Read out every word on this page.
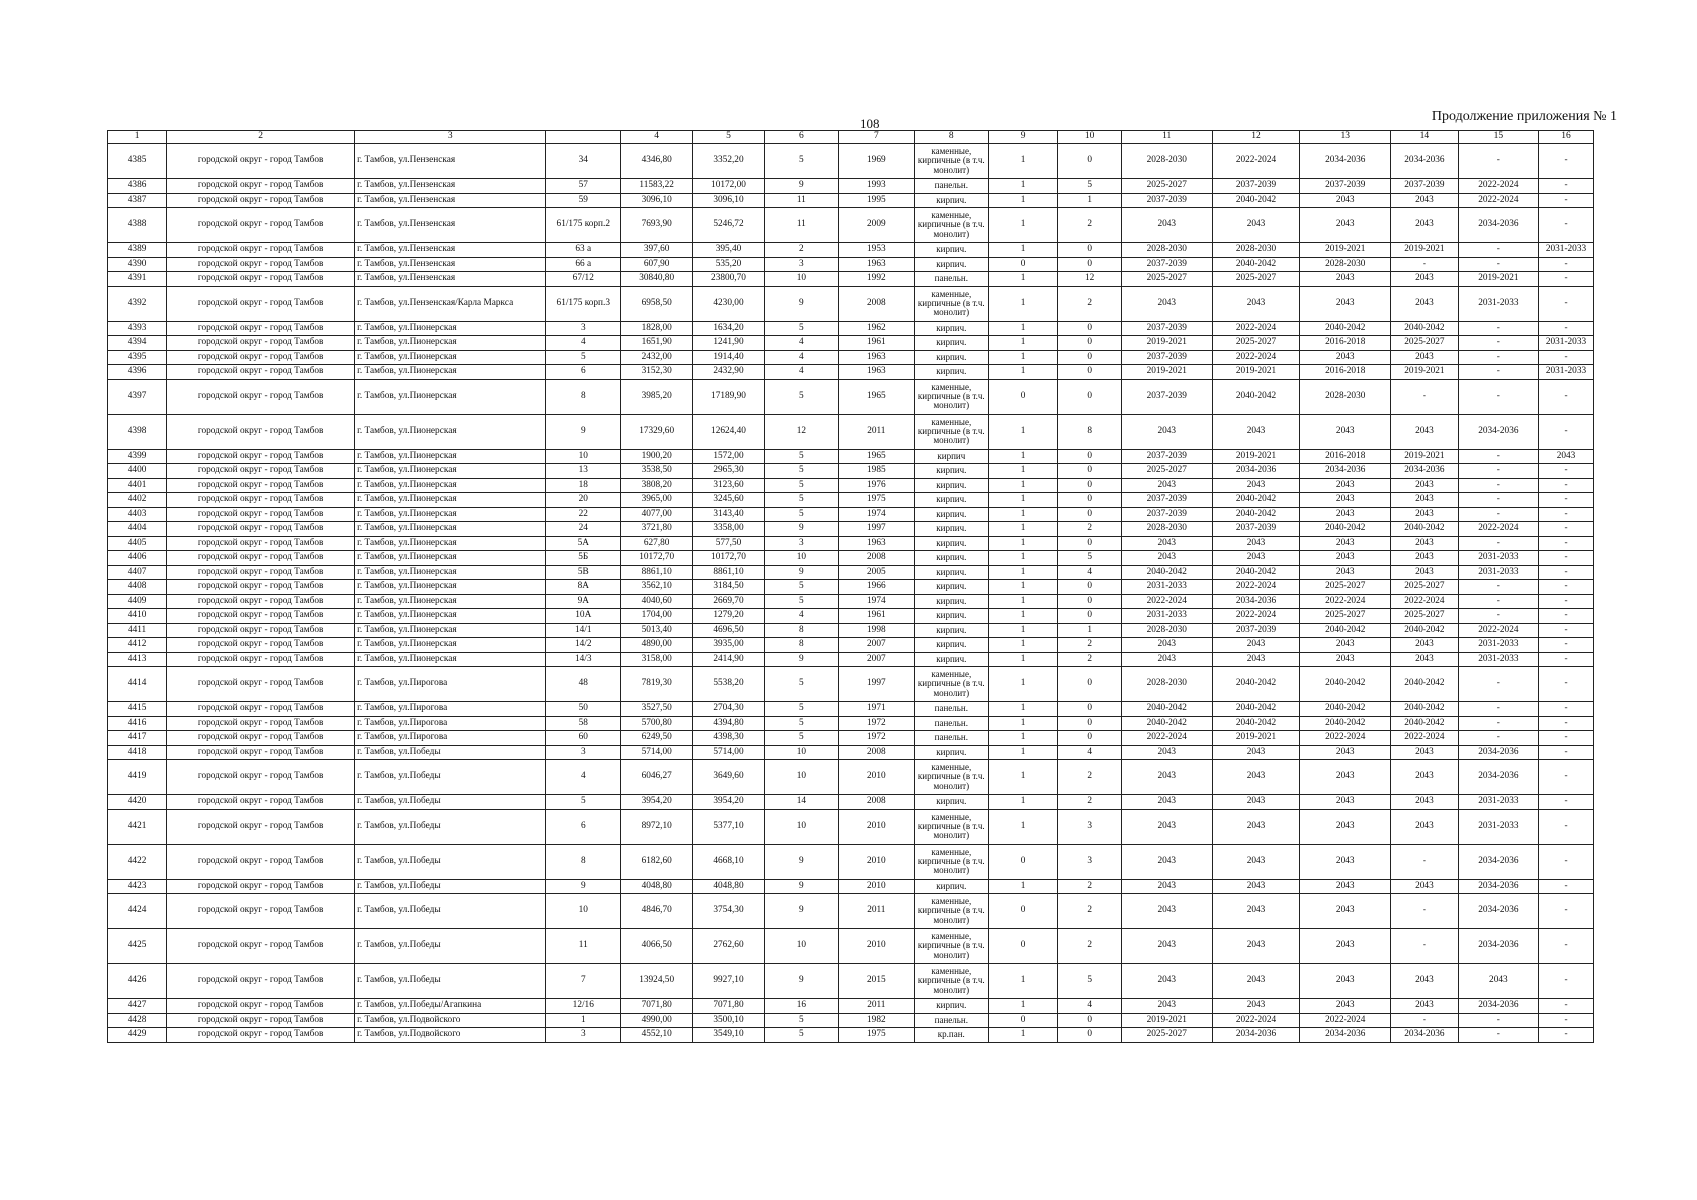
108	Продолжение приложения № 1
1	2	3		4	5	6	7	8	9	10	11	12	13	14	15	16
4385	городской округ - город Тамбов	г. Тамбов, ул.Пензенская	34	4346,80	3352,20	5	1969	каменные, кирпичные (в т.ч. монолит)	1	0	2028-2030	2022-2024	2034-2036	2034-2036	-	-
4386	городской округ - город Тамбов	г. Тамбов, ул.Пензенская	57	11583,22	10172,00	9	1993	панельн.	1	5	2025-2027	2037-2039	2037-2039	2037-2039	2022-2024	-
4387	городской округ - город Тамбов	г. Тамбов, ул.Пензенская	59	3096,10	3096,10	11	1995	кирпич.	1	1	2037-2039	2040-2042	2043	2043	2022-2024	-
4388	городской округ - город Тамбов	г. Тамбов, ул.Пензенская	61/175 корп.2	7693,90	5246,72	11	2009	каменные, кирпичные (в т.ч. монолит)	1	2	2043	2043	2043	2043	2034-2036	-
4389	городской округ - город Тамбов	г. Тамбов, ул.Пензенская	63 а	397,60	395,40	2	1953	кирпич.	1	0	2028-2030	2028-2030	2019-2021	2019-2021	-	2031-2033
4390	городской округ - город Тамбов	г. Тамбов, ул.Пензенская	66 а	607,90	535,20	3	1963	кирпич.	0	0	2037-2039	2040-2042	2028-2030	-	-	-
4391	городской округ - город Тамбов	г. Тамбов, ул.Пензенская	67/12	30840,80	23800,70	10	1992	панельн.	1	12	2025-2027	2025-2027	2043	2043	2019-2021	-
4392	городской округ - город Тамбов	г. Тамбов, ул.Пензенская/Карла Маркса	61/175 корп.3	6958,50	4230,00	9	2008	каменные, кирпичные (в т.ч. монолит)	1	2	2043	2043	2043	2043	2031-2033	-
4393	городской округ - город Тамбов	г. Тамбов, ул.Пионерская	3	1828,00	1634,20	5	1962	кирпич.	1	0	2037-2039	2022-2024	2040-2042	2040-2042	-	-
4394	городской округ - город Тамбов	г. Тамбов, ул.Пионерская	4	1651,90	1241,90	4	1961	кирпич.	1	0	2019-2021	2025-2027	2016-2018	2025-2027	-	2031-2033
4395	городской округ - город Тамбов	г. Тамбов, ул.Пионерская	5	2432,00	1914,40	4	1963	кирпич.	1	0	2037-2039	2022-2024	2043	2043	-	-
4396	городской округ - город Тамбов	г. Тамбов, ул.Пионерская	6	3152,30	2432,90	4	1963	кирпич.	1	0	2019-2021	2019-2021	2016-2018	2019-2021	-	2031-2033
4397	городской округ - город Тамбов	г. Тамбов, ул.Пионерская	8	3985,20	17189,90	5	1965	каменные, кирпичные (в т.ч. монолит)	0	0	2037-2039	2040-2042	2028-2030	-	-	-
4398	городской округ - город Тамбов	г. Тамбов, ул.Пионерская	9	17329,60	12624,40	12	2011	каменные, кирпичные (в т.ч. монолит)	1	8	2043	2043	2043	2043	2034-2036	-
4399	городской округ - город Тамбов	г. Тамбов, ул.Пионерская	10	1900,20	1572,00	5	1965	кирпич	1	0	2037-2039	2019-2021	2016-2018	2019-2021	-	2043
4400	городской округ - город Тамбов	г. Тамбов, ул.Пионерская	13	3538,50	2965,30	5	1985	кирпич.	1	0	2025-2027	2034-2036	2034-2036	2034-2036	-	-
4401	городской округ - город Тамбов	г. Тамбов, ул.Пионерская	18	3808,20	3123,60	5	1976	кирпич.	1	0	2043	2043	2043	2043	-	-
4402	городской округ - город Тамбов	г. Тамбов, ул.Пионерская	20	3965,00	3245,60	5	1975	кирпич.	1	0	2037-2039	2040-2042	2043	2043	-	-
4403	городской округ - город Тамбов	г. Тамбов, ул.Пионерская	22	4077,00	3143,40	5	1974	кирпич.	1	0	2037-2039	2040-2042	2043	2043	-	-
4404	городской округ - город Тамбов	г. Тамбов, ул.Пионерская	24	3721,80	3358,00	9	1997	кирпич.	1	2	2028-2030	2037-2039	2040-2042	2040-2042	2022-2024	-
4405	городской округ - город Тамбов	г. Тамбов, ул.Пионерская	5А	627,80	577,50	3	1963	кирпич.	1	0	2043	2043	2043	2043	-	-
4406	городской округ - город Тамбов	г. Тамбов, ул.Пионерская	5Б	10172,70	10172,70	10	2008	кирпич.	1	5	2043	2043	2043	2043	2031-2033	-
4407	городской округ - город Тамбов	г. Тамбов, ул.Пионерская	5В	8861,10	8861,10	9	2005	кирпич.	1	4	2040-2042	2040-2042	2043	2043	2031-2033	-
4408	городской округ - город Тамбов	г. Тамбов, ул.Пионерская	8А	3562,10	3184,50	5	1966	кирпич.	1	0	2031-2033	2022-2024	2025-2027	2025-2027	-	-
4409	городской округ - город Тамбов	г. Тамбов, ул.Пионерская	9А	4040,60	2669,70	5	1974	кирпич.	1	0	2022-2024	2034-2036	2022-2024	2022-2024	-	-
4410	городской округ - город Тамбов	г. Тамбов, ул.Пионерская	10А	1704,00	1279,20	4	1961	кирпич.	1	0	2031-2033	2022-2024	2025-2027	2025-2027	-	-
4411	городской округ - город Тамбов	г. Тамбов, ул.Пионерская	14/1	5013,40	4696,50	8	1998	кирпич.	1	1	2028-2030	2037-2039	2040-2042	2040-2042	2022-2024	-
4412	городской округ - город Тамбов	г. Тамбов, ул.Пионерская	14/2	4890,00	3935,00	8	2007	кирпич.	1	2	2043	2043	2043	2043	2031-2033	-
4413	городской округ - город Тамбов	г. Тамбов, ул.Пионерская	14/3	3158,00	2414,90	9	2007	кирпич.	1	2	2043	2043	2043	2043	2031-2033	-
4414	городской округ - город Тамбов	г. Тамбов, ул.Пирогова	48	7819,30	5538,20	5	1997	каменные, кирпичные (в т.ч. монолит)	1	0	2028-2030	2040-2042	2040-2042	2040-2042	-	-
4415	городской округ - город Тамбов	г. Тамбов, ул.Пирогова	50	3527,50	2704,30	5	1971	панельн.	1	0	2040-2042	2040-2042	2040-2042	2040-2042	-	-
4416	городской округ - город Тамбов	г. Тамбов, ул.Пирогова	58	5700,80	4394,80	5	1972	панельн.	1	0	2040-2042	2040-2042	2040-2042	2040-2042	-	-
4417	городской округ - город Тамбов	г. Тамбов, ул.Пирогова	60	6249,50	4398,30	5	1972	панельн.	1	0	2022-2024	2019-2021	2022-2024	2022-2024	-	-
4418	городской округ - город Тамбов	г. Тамбов, ул.Победы	3	5714,00	5714,00	10	2008	кирпич.	1	4	2043	2043	2043	2043	2034-2036	-
4419	городской округ - город Тамбов	г. Тамбов, ул.Победы	4	6046,27	3649,60	10	2010	каменные, кирпичные (в т.ч. монолит)	1	2	2043	2043	2043	2043	2034-2036	-
4420	городской округ - город Тамбов	г. Тамбов, ул.Победы	5	3954,20	3954,20	14	2008	кирпич.	1	2	2043	2043	2043	2043	2031-2033	-
4421	городской округ - город Тамбов	г. Тамбов, ул.Победы	6	8972,10	5377,10	10	2010	каменные, кирпичные (в т.ч. монолит)	1	3	2043	2043	2043	2043	2031-2033	-
4422	городской округ - город Тамбов	г. Тамбов, ул.Победы	8	6182,60	4668,10	9	2010	каменные, кирпичные (в т.ч. монолит)	0	3	2043	2043	2043	-	2034-2036	-
4423	городской округ - город Тамбов	г. Тамбов, ул.Победы	9	4048,80	4048,80	9	2010	кирпич.	1	2	2043	2043	2043	2043	2034-2036	-
4424	городской округ - город Тамбов	г. Тамбов, ул.Победы	10	4846,70	3754,30	9	2011	каменные, кирпичные (в т.ч. монолит)	0	2	2043	2043	2043	-	2034-2036	-
4425	городской округ - город Тамбов	г. Тамбов, ул.Победы	11	4066,50	2762,60	10	2010	каменные, кирпичные (в т.ч. монолит)	0	2	2043	2043	2043	-	2034-2036	-
4426	городской округ - город Тамбов	г. Тамбов, ул.Победы	7	13924,50	9927,10	9	2015	каменные, кирпичные (в т.ч. монолит)	1	5	2043	2043	2043	2043	2043	-
4427	городской округ - город Тамбов	г. Тамбов, ул.Победы/Агапкина	12/16	7071,80	7071,80	16	2011	кирпич.	1	4	2043	2043	2043	2043	2034-2036	-
4428	городской округ - город Тамбов	г. Тамбов, ул.Подвойского	1	4990,00	3500,10	5	1982	панельн.	0	0	2019-2021	2022-2024	2022-2024	-	-	-
4429	городской округ - город Тамбов	г. Тамбов, ул.Подвойского	3	4552,10	3549,10	5	1975	кр.пан.	1	0	2025-2027	2034-2036	2034-2036	2034-2036	-	-
